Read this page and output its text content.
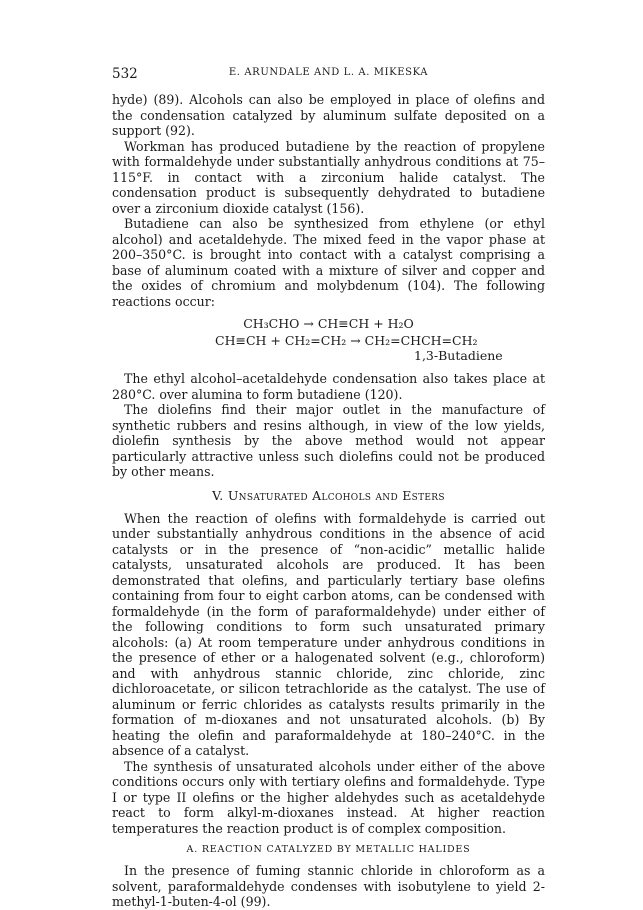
532	E. ARUNDALE AND L. A. MIKESKA

hyde) (89). Alcohols can also be employed in place of olefins and the condensation catalyzed by aluminum sulfate deposited on a support (92).

Workman has produced butadiene by the reaction of propylene with formaldehyde under substantially anhydrous conditions at 75–115°F. in contact with a zirconium halide catalyst. The condensation product is subsequently dehydrated to butadiene over a zirconium dioxide catalyst (156).

Butadiene can also be synthesized from ethylene (or ethyl alcohol) and acetaldehyde. The mixed feed in the vapor phase at 200–350°C. is brought into contact with a catalyst comprising a base of aluminum coated with a mixture of silver and copper and the oxides of chromium and molybdenum (104). The following reactions occur:

CH₃CHO → CH≡CH + H₂O
CH≡CH + CH₂=CH₂ → CH₂=CHCH=CH₂
1,3-Butadiene

The ethyl alcohol–acetaldehyde condensation also takes place at 280°C. over alumina to form butadiene (120).

The diolefins find their major outlet in the manufacture of synthetic rubbers and resins although, in view of the low yields, diolefin synthesis by the above method would not appear particularly attractive unless such diolefins could not be produced by other means.

V. Unsaturated Alcohols and Esters

When the reaction of olefins with formaldehyde is carried out under substantially anhydrous conditions in the absence of acid catalysts or in the presence of “non-acidic” metallic halide catalysts, unsaturated alcohols are produced. It has been demonstrated that olefins, and particularly tertiary base olefins containing from four to eight carbon atoms, can be condensed with formaldehyde (in the form of paraformaldehyde) under either of the following conditions to form such unsaturated primary alcohols: (a) At room temperature under anhydrous conditions in the presence of ether or a halogenated solvent (e.g., chloroform) and with anhydrous stannic chloride, zinc chloride, zinc dichloroacetate, or silicon tetrachloride as the catalyst. The use of aluminum or ferric chlorides as catalysts results primarily in the formation of m-dioxanes and not unsaturated alcohols. (b) By heating the olefin and paraformaldehyde at 180–240°C. in the absence of a catalyst.

The synthesis of unsaturated alcohols under either of the above conditions occurs only with tertiary olefins and formaldehyde. Type I or type II olefins or the higher aldehydes such as acetaldehyde react to form alkyl-m-dioxanes instead. At higher reaction temperatures the reaction product is of complex composition.

A. REACTION CATALYZED BY METALLIC HALIDES

In the presence of fuming stannic chloride in chloroform as a solvent, paraformaldehyde condenses with isobutylene to yield 2-methyl-1-buten-4-ol (99).
